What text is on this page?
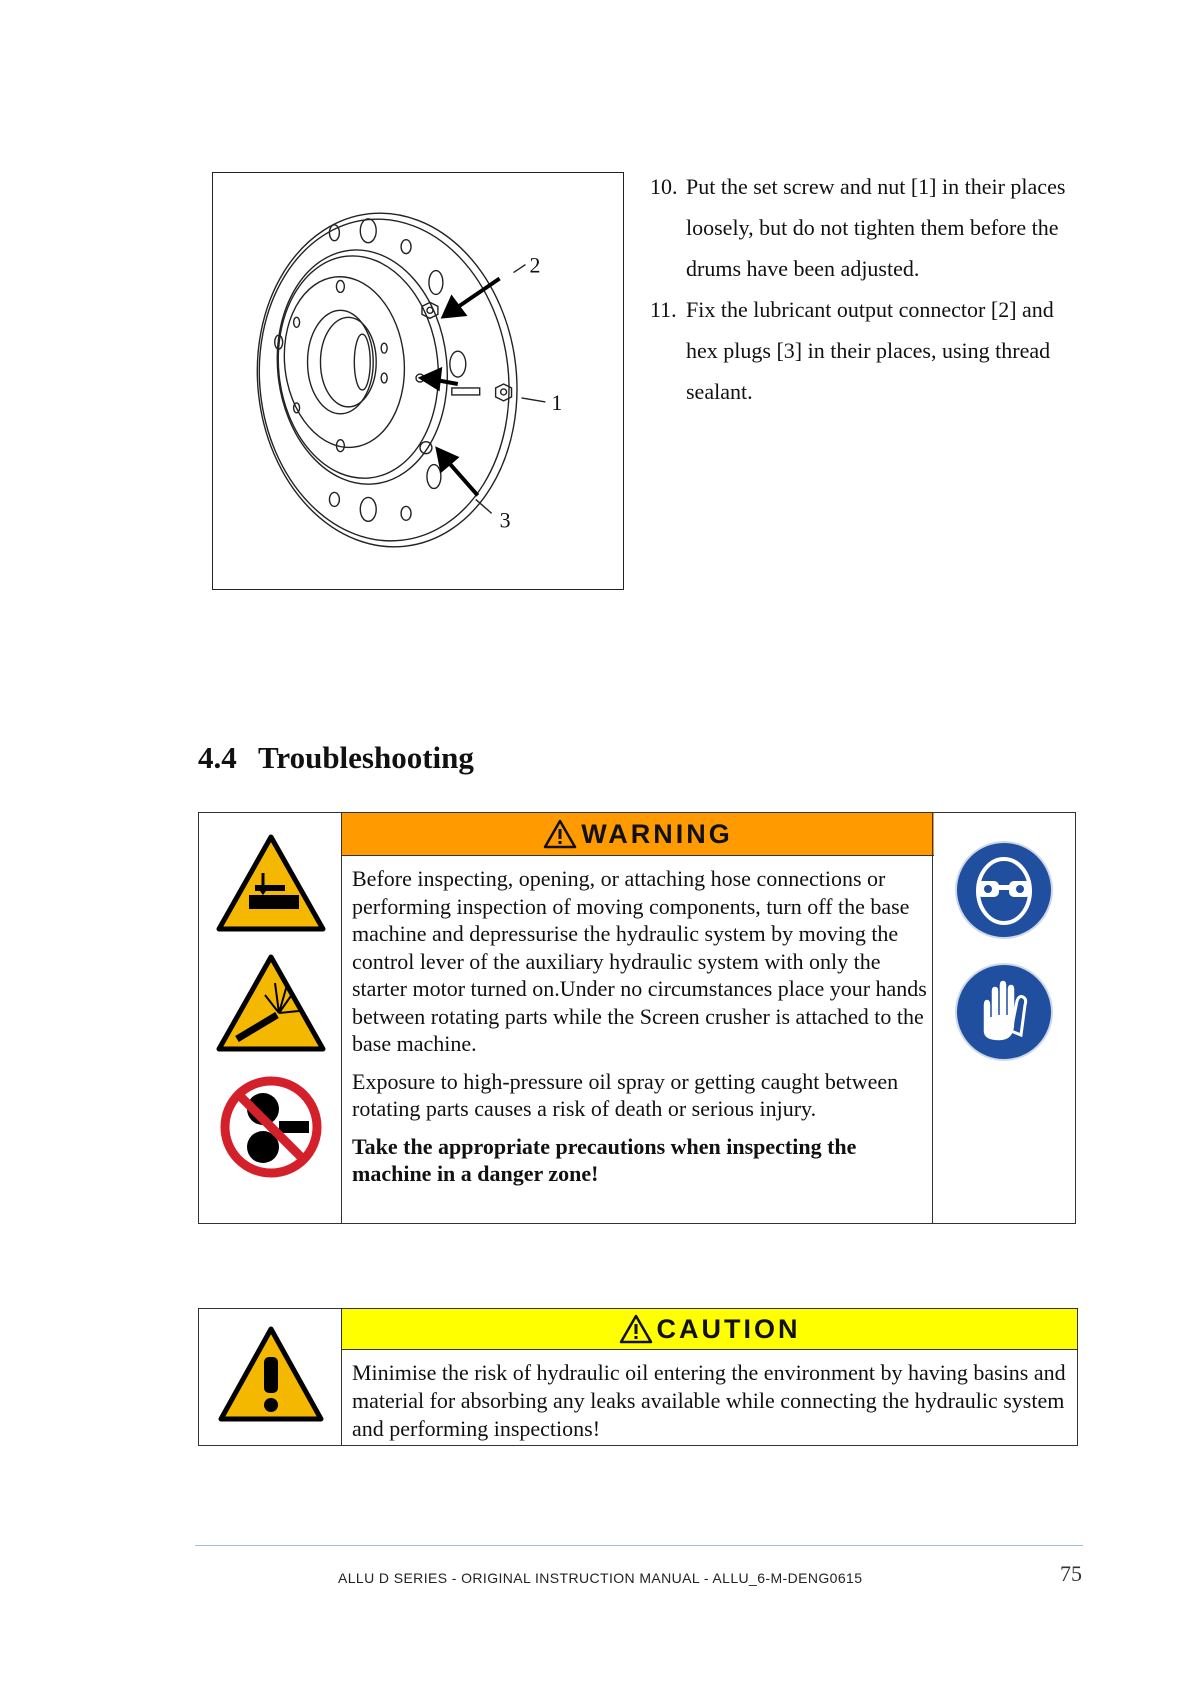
2
1
3
10. Put the set screw and nut [1] in their places loosely, but do not tighten them before the drums have been adjusted.
11. Fix the lubricant output connector [2] and hex plugs [3] in their places, using thread sealant.
4.4 Troubleshooting
WARNING

Before inspecting, opening, or attaching hose connections or performing inspection of moving components, turn off the base machine and depressurise the hydraulic system by moving the control lever of the auxiliary hydraulic system with only the starter motor turned on.Under no circumstances place your hands between rotating parts while the Screen crusher is attached to the base machine.

Exposure to high-pressure oil spray or getting caught between rotating parts causes a risk of death or serious injury.

Take the appropriate precautions when inspecting the machine in a danger zone!

CAUTION
Minimise the risk of hydraulic oil entering the environment by having basins and material for absorbing any leaks available while connecting the hydraulic system and performing inspections!
ALLU D SERIES - ORIGINAL INSTRUCTION MANUAL - ALLU_6-M-DENG0615	75
